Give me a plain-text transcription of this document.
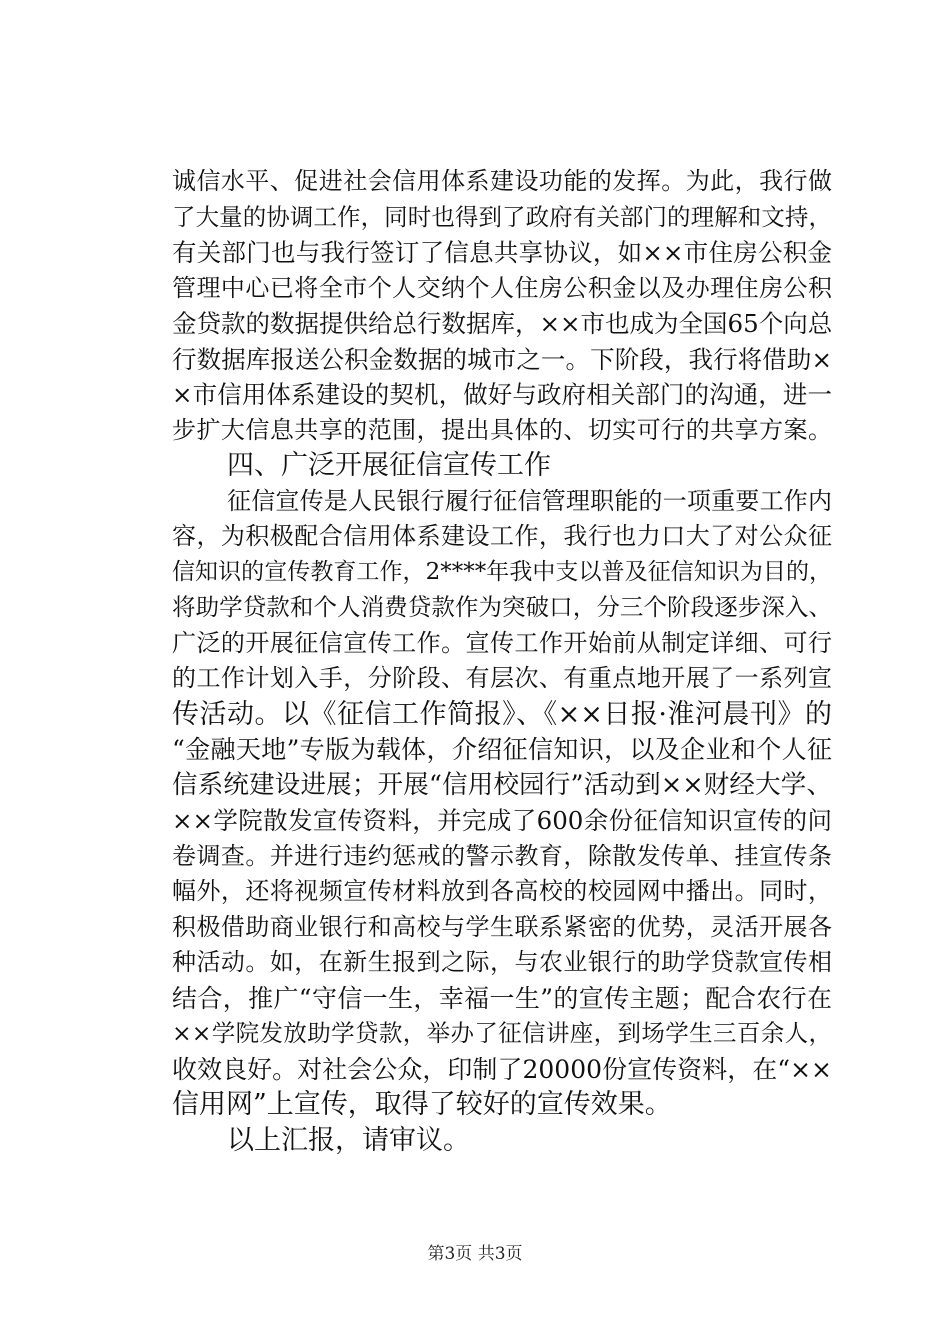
诚信水平、促进社会信用体系建设功能的发挥。为此，我行做
了大量的协调工作，同时也得到了政府有关部门的理解和文持，
有关部门也与我行签订了信息共享协议，如××市住房公积金
管理中心已将全市个人交纳个人住房公积金以及办理住房公积
金贷款的数据提供给总行数据库，××市也成为全国65个向总
行数据库报送公积金数据的城市之一。下阶段，我行将借助×
×市信用体系建设的契机，做好与政府相关部门的沟通，进一
步扩大信息共享的范围，提出具体的、切实可行的共享方案。
四、广泛开展征信宣传工作
征信宣传是人民银行履行征信管理职能的一项重要工作内
容，为积极配合信用体系建设工作，我行也力口大了对公众征
信知识的宣传教育工作，2****年我中支以普及征信知识为目的，
将助学贷款和个人消费贷款作为突破口，分三个阶段逐步深入、
广泛的开展征信宣传工作。宣传工作开始前从制定详细、可行
的工作计划入手，分阶段、有层次、有重点地开展了一系列宣
传活动。以《征信工作简报》、《××日报·淮河晨刊》的
“金融天地”专版为载体，介绍征信知识，以及企业和个人征
信系统建设进展；开展“信用校园行”活动到××财经大学、
××学院散发宣传资料，并完成了600余份征信知识宣传的问
卷调查。并进行违约惩戒的警示教育，除散发传单、挂宣传条
幅外，还将视频宣传材料放到各高校的校园网中播出。同时，
积极借助商业银行和高校与学生联系紧密的优势，灵活开展各
种活动。如，在新生报到之际，与农业银行的助学贷款宣传相
结合，推广“守信一生，幸福一生”的宣传主题；配合农行在
××学院发放助学贷款，举办了征信讲座，到场学生三百余人，
收效良好。对社会公众，印制了20000份宣传资料，在“××
信用网”上宣传，取得了较好的宣传效果。
以上汇报，请审议。
第3页 共3页
